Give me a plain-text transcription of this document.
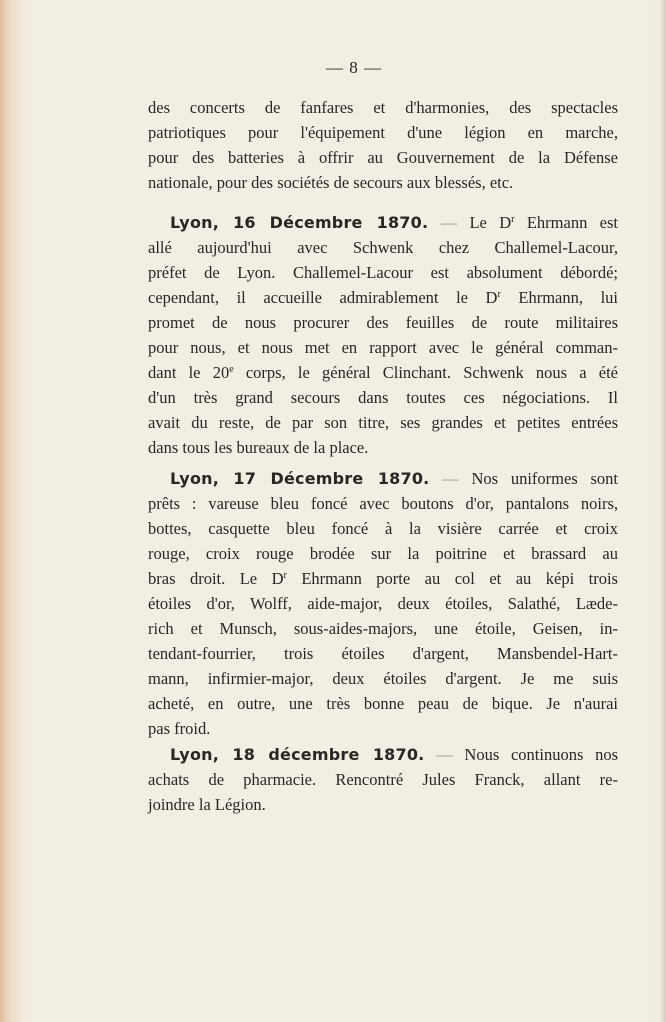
— 8 —
des concerts de fanfares et d'harmonies, des spectacles
patriotiques pour l'équipement d'une légion en marche,
pour des batteries à offrir au Gouvernement de la Défense
nationale, pour des sociétés de secours aux blessés, etc.
Lyon, 16 Décembre 1870. — Le $D^r$ Ehrmann est
allé aujourd'hui avec Schwenk chez Challemel-Lacour,
préfet de Lyon. Challemel-Lacour est absolument débordé;
cependant, il accueille admirablement le $D^r$ Ehrmann, lui
promet de nous procurer des feuilles de route militaires
pour nous, et nous met en rapport avec le général comman-
dant le 20e corps, le général Clinchant. Schwenk nous a été
d'un très grand secours dans toutes ces négociations. Il
avait du reste, de par son titre, ses grandes et petites entrées
dans tous les bureaux de la place.
Lyon, 17 Décembre 1870. — Nos uniformes sont
prêts : vareuse bleu foncé avec boutons d'or, pantalons noirs,
bottes, casquette bleu foncé à la visière carrée et croix
rouge, croix rouge brodée sur la poitrine et brassard au
bras droit. Le $D^r$ Ehrmann porte au col et au képi trois
étoiles d'or, Wolff, aide-major, deux étoiles, Salathé, Læde-
rich et Munsch, sous-aides-majors, une étoile, Geisen, in-
tendant-fourrier, trois étoiles d'argent, Mansbendel-Hart-
mann, infirmier-major, deux étoiles d'argent. Je me suis
acheté, en outre, une très bonne peau de bique. Je n'aurai
pas froid.
Lyon, 18 décembre 1870. — Nous continuons nos
achats de pharmacie. Rencontré Jules Franck, allant re-
joindre la Légion.
